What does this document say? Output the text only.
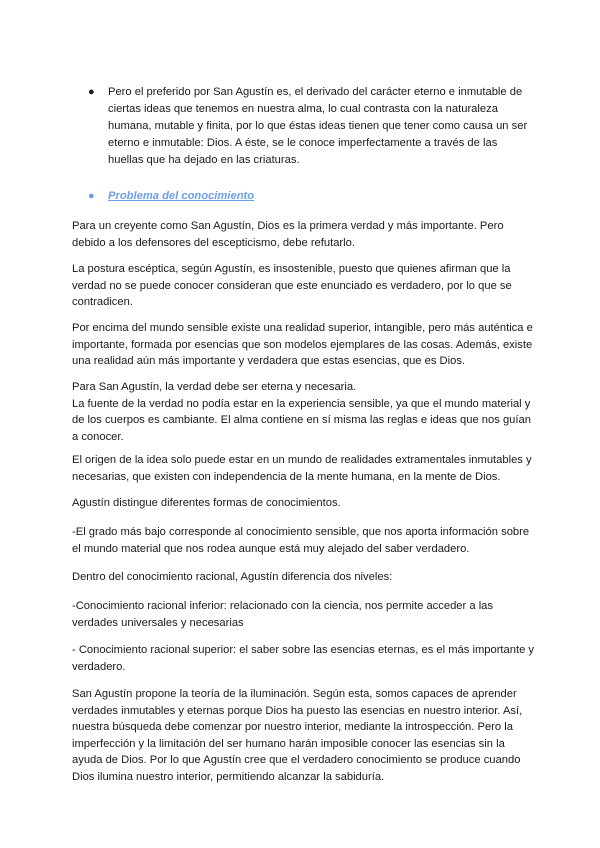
●	Pero el preferido por San Agustín es, el derivado del carácter eterno e inmutable de ciertas ideas que tenemos en nuestra alma, lo cual contrasta con la naturaleza humana, mutable y finita, por lo que éstas ideas tienen que tener como causa un ser eterno e inmutable: Dios. A éste, se le conoce imperfectamente a través de las huellas que ha dejado en las criaturas.
●	Problema del conocimiento

Para un creyente como San Agustín, Dios es la primera verdad y más importante. Pero debido a los defensores del escepticismo, debe refutarlo.

La postura escéptica, según Agustín, es insostenible, puesto que quienes afirman que la verdad no se puede conocer consideran que este enunciado es verdadero, por lo que se contradicen.

Por encima del mundo sensible existe una realidad superior, intangible, pero más auténtica e importante, formada por esencias que son modelos ejemplares de las cosas. Además, existe una realidad aún más importante y verdadera que estas esencias, que es Dios.

Para San Agustín, la verdad debe ser eterna y necesaria.
La fuente de la verdad no podía estar en la experiencia sensible, ya que el mundo material y de los cuerpos es cambiante. El alma contiene en sí misma las reglas e ideas que nos guían a conocer.

El origen de la idea solo puede estar en un mundo de realidades extramentales inmutables y necesarias, que existen con independencia de la mente humana, en la mente de Dios.

Agustín distingue diferentes formas de conocimientos.

-El grado más bajo corresponde al conocimiento sensible, que nos aporta información sobre el mundo material que nos rodea aunque está muy alejado del saber verdadero.

Dentro del conocimiento racional, Agustín diferencia dos niveles:

-Conocimiento racional inferior: relacionado con la ciencia, nos permite acceder a las verdades universales y necesarias

- Conocimiento racional superior: el saber sobre las esencias eternas, es el más importante y verdadero.

San Agustín propone la teoría de la iluminación. Según esta, somos capaces de aprender verdades inmutables y eternas porque Dios ha puesto las esencias en nuestro interior. Así, nuestra búsqueda debe comenzar por nuestro interior, mediante la introspección. Pero la imperfección y la limitación del ser humano harán imposible conocer las esencias sin la ayuda de Dios. Por lo que Agustín cree que el verdadero conocimiento se produce cuando Dios ilumina nuestro interior, permitiendo alcanzar la sabiduría.
